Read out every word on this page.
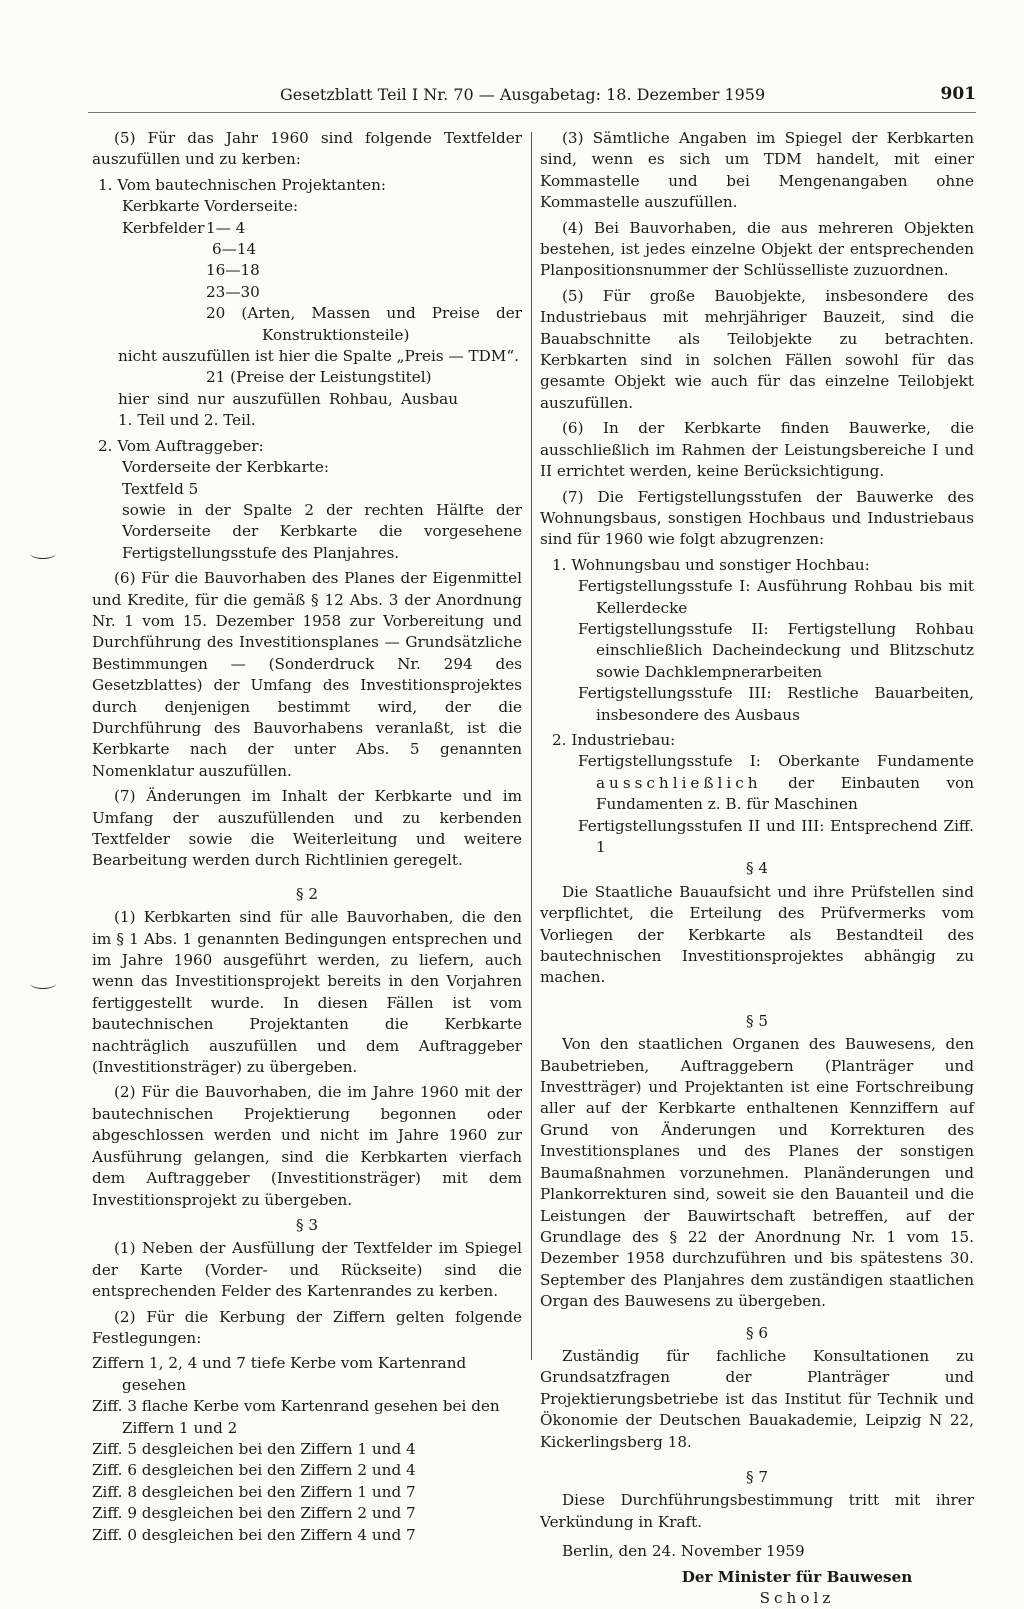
Gesetzblatt Teil I Nr. 70 — Ausgabetag: 18. Dezember 1959	901

(5) Für das Jahr 1960 sind folgende Textfelder auszufüllen und zu kerben:

1. Vom bautechnischen Projektanten:

Kerbkarte Vorderseite:

Kerbfelder 1— 4
6—14
16—18
23—30
20 (Arten, Massen und Preise der Konstruktionsteile)

nicht auszufüllen ist hier die Spalte „Preis — TDM“.

21 (Preise der Leistungstitel)

hier sind nur auszufüllen Rohbau, Ausbau 1. Teil und 2. Teil.

2. Vom Auftraggeber:

Vorderseite der Kerbkarte:

Textfeld 5

sowie in der Spalte 2 der rechten Hälfte der Vorderseite der Kerbkarte die vorgesehene Fertigstellungsstufe des Planjahres.

(6) Für die Bauvorhaben des Planes der Eigenmittel und Kredite, für die gemäß § 12 Abs. 3 der Anordnung Nr. 1 vom 15. Dezember 1958 zur Vorbereitung und Durchführung des Investitionsplanes — Grundsätzliche Bestimmungen — (Sonderdruck Nr. 294 des Gesetzblattes) der Umfang des Investitionsprojektes durch denjenigen bestimmt wird, der die Durchführung des Bauvorhabens veranlaßt, ist die Kerbkarte nach der unter Abs. 5 genannten Nomenklatur auszufüllen.

(7) Änderungen im Inhalt der Kerbkarte und im Umfang der auszufüllenden und zu kerbenden Textfelder sowie die Weiterleitung und weitere Bearbeitung werden durch Richtlinien geregelt.

§ 2

(1) Kerbkarten sind für alle Bauvorhaben, die den im § 1 Abs. 1 genannten Bedingungen entsprechen und im Jahre 1960 ausgeführt werden, zu liefern, auch wenn das Investitionsprojekt bereits in den Vorjahren fertiggestellt wurde. In diesen Fällen ist vom bautechnischen Projektanten die Kerbkarte nachträglich auszufüllen und dem Auftraggeber (Investitionsträger) zu übergeben.

(2) Für die Bauvorhaben, die im Jahre 1960 mit der bautechnischen Projektierung begonnen oder abgeschlossen werden und nicht im Jahre 1960 zur Ausführung gelangen, sind die Kerbkarten vierfach dem Auftraggeber (Investitionsträger) mit dem Investitionsprojekt zu übergeben.

§ 3

(1) Neben der Ausfüllung der Textfelder im Spiegel der Karte (Vorder- und Rückseite) sind die entsprechenden Felder des Kartenrandes zu kerben.

(2) Für die Kerbung der Ziffern gelten folgende Festlegungen:

Ziffern 1, 2, 4 und 7 tiefe Kerbe vom Kartenrand gesehen

Ziff. 3 flache Kerbe vom Kartenrand gesehen bei den Ziffern 1 und 2

Ziff. 5 desgleichen bei den Ziffern 1 und 4

Ziff. 6 desgleichen bei den Ziffern 2 und 4

Ziff. 8 desgleichen bei den Ziffern 1 und 7

Ziff. 9 desgleichen bei den Ziffern 2 und 7

Ziff. 0 desgleichen bei den Ziffern 4 und 7

(3) Sämtliche Angaben im Spiegel der Kerbkarten sind, wenn es sich um TDM handelt, mit einer Kommastelle und bei Mengenangaben ohne Kommastelle auszufüllen.

(4) Bei Bauvorhaben, die aus mehreren Objekten bestehen, ist jedes einzelne Objekt der entsprechenden Planpositionsnummer der Schlüsselliste zuzuordnen.

(5) Für große Bauobjekte, insbesondere des Industriebaus mit mehrjähriger Bauzeit, sind die Bauabschnitte als Teilobjekte zu betrachten. Kerbkarten sind in solchen Fällen sowohl für das gesamte Objekt wie auch für das einzelne Teilobjekt auszufüllen.

(6) In der Kerbkarte finden Bauwerke, die ausschließlich im Rahmen der Leistungsbereiche I und II errichtet werden, keine Berücksichtigung.

(7) Die Fertigstellungsstufen der Bauwerke des Wohnungsbaus, sonstigen Hochbaus und Industriebaus sind für 1960 wie folgt abzugrenzen:

1. Wohnungsbau und sonstiger Hochbau:

Fertigstellungsstufe I: Ausführung Rohbau bis mit Kellerdecke

Fertigstellungsstufe II: Fertigstellung Rohbau einschließlich Dacheindeckung und Blitzschutz sowie Dachklempnerarbeiten

Fertigstellungsstufe III: Restliche Bauarbeiten, insbesondere des Ausbaus

2. Industriebau:

Fertigstellungsstufe I: Oberkante Fundamente ausschließlich der Einbauten von Fundamenten z. B. für Maschinen

Fertigstellungsstufen II und III: Entsprechend Ziff. 1

§ 4

Die Staatliche Bauaufsicht und ihre Prüfstellen sind verpflichtet, die Erteilung des Prüfvermerks vom Vorliegen der Kerbkarte als Bestandteil des bautechnischen Investitionsprojektes abhängig zu machen.

§ 5

Von den staatlichen Organen des Bauwesens, den Baubetrieben, Auftraggebern (Planträger und Investträger) und Projektanten ist eine Fortschreibung aller auf der Kerbkarte enthaltenen Kennziffern auf Grund von Änderungen und Korrekturen des Investitionsplanes und des Planes der sonstigen Baumaßnahmen vorzunehmen. Planänderungen und Plankorrekturen sind, soweit sie den Bauanteil und die Leistungen der Bauwirtschaft betreffen, auf der Grundlage des § 22 der Anordnung Nr. 1 vom 15. Dezember 1958 durchzuführen und bis spätestens 30. September des Planjahres dem zuständigen staatlichen Organ des Bauwesens zu übergeben.

§ 6

Zuständig für fachliche Konsultationen zu Grundsatzfragen der Planträger und Projektierungsbetriebe ist das Institut für Technik und Ökonomie der Deutschen Bauakademie, Leipzig N 22, Kickerlingsberg 18.

§ 7

Diese Durchführungsbestimmung tritt mit ihrer Verkündung in Kraft.

Berlin, den 24. November 1959

Der Minister für Bauwesen
Scholz
